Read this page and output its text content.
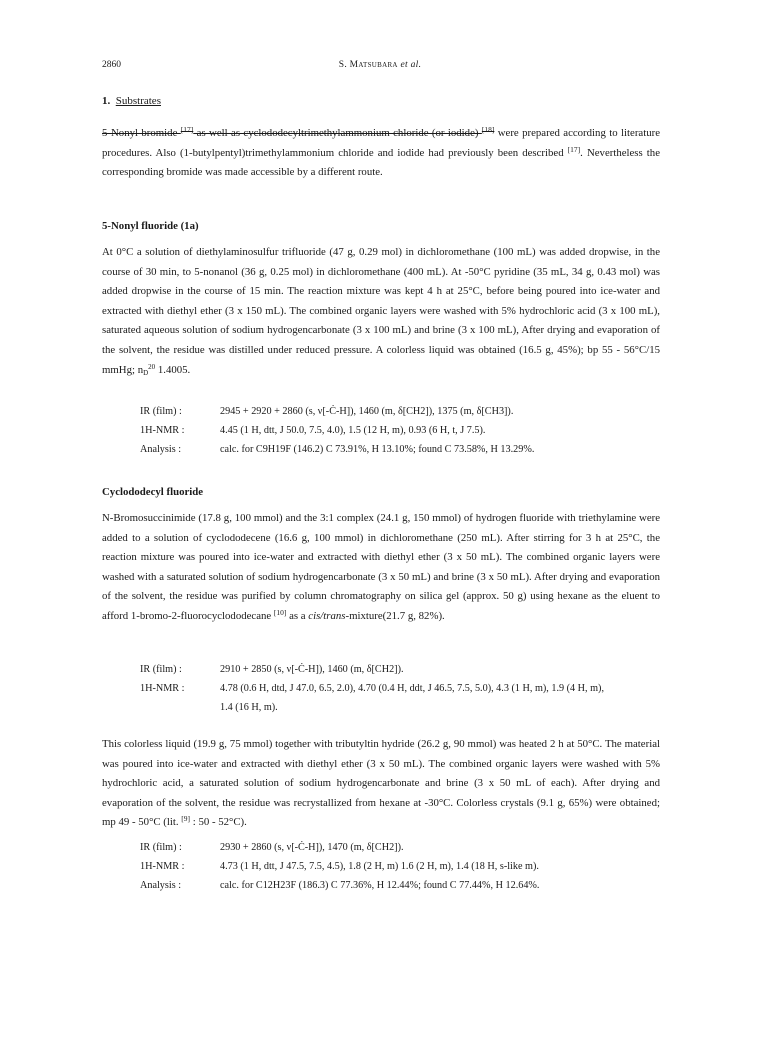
2860	S. Matsubara et al.
1. Substrates
5-Nonyl bromide [17] as well as cyclododecyltrimethylammonium chloride (or iodide) [18] were prepared according to literature procedures. Also (1-butylpentyl)trimethylammonium chloride and iodide had previously been described [17]. Nevertheless the corresponding bromide was made accessible by a different route.
5-Nonyl fluoride (1a)
At 0°C a solution of diethylaminosulfur trifluoride (47 g, 0.29 mol) in dichloromethane (100 mL) was added dropwise, in the course of 30 min, to 5-nonanol (36 g, 0.25 mol) in dichloromethane (400 mL). At -50°C pyridine (35 mL, 34 g, 0.43 mol) was added dropwise in the course of 15 min. The reaction mixture was kept 4 h at 25°C, before being poured into ice-water and extracted with diethyl ether (3 x 150 mL). The combined organic layers were washed with 5% hydrochloric acid (3 x 100 mL), saturated aqueous solution of sodium hydrogencarbonate (3 x 100 mL) and brine (3 x 100 mL), After drying and evaporation of the solvent, the residue was distilled under reduced pressure. A colorless liquid was obtained (16.5 g, 45%); bp 55 - 56°C/15 mmHg; $n_D^{20}$ 1.4005.
IR (film) :	2945 + 2920 + 2860 (s, ν[-Ċ-H]), 1460 (m, δ[CH2]), 1375 (m, δ[CH3]).
1H-NMR :	4.45 (1 H, dtt, J 50.0, 7.5, 4.0), 1.5 (12 H, m), 0.93 (6 H, t, J 7.5).
Analysis :	calc. for C9H19F (146.2) C 73.91%, H 13.10%; found C 73.58%, H 13.29%.
Cyclododecyl fluoride
N-Bromosuccinimide (17.8 g, 100 mmol) and the 3:1 complex (24.1 g, 150 mmol) of hydrogen fluoride with triethylamine were added to a solution of cyclododecene (16.6 g, 100 mmol) in dichloromethane (250 mL). After stirring for 3 h at 25°C, the reaction mixture was poured into ice-water and extracted with diethyl ether (3 x 50 mL). The combined organic layers were washed with a saturated solution of sodium hydrogencarbonate (3 x 50 mL) and brine (3 x 50 mL). After drying and evaporation of the solvent, the residue was purified by column chromatography on silica gel (approx. 50 g) using hexane as the eluent to afford 1-bromo-2-fluorocyclododecane [10] as a cis/trans-mixture(21.7 g, 82%).
IR (film) :	2910 + 2850 (s, ν[-Ċ-H]), 1460 (m, δ[CH2]).
1H-NMR :	4.78 (0.6 H, dtd, J 47.0, 6.5, 2.0), 4.70 (0.4 H, ddt, J 46.5, 7.5, 5.0), 4.3 (1 H, m), 1.9 (4 H, m),
1.4 (16 H, m).
This colorless liquid (19.9 g, 75 mmol) together with tributyltin hydride (26.2 g, 90 mmol) was heated 2 h at 50°C. The material was poured into ice-water and extracted with diethyl ether (3 x 50 mL). The combined organic layers were washed with 5% hydrochloric acid, a saturated solution of sodium hydrogencarbonate and brine (3 x 50 mL of each). After drying and evaporation of the solvent, the residue was recrystallized from hexane at -30°C. Colorless crystals (9.1 g, 65%) were obtained; mp 49 - 50°C (lit. [9] : 50 - 52°C).
IR (film) :	2930 + 2860 (s, ν[-Ċ-H]), 1470 (m, δ[CH2]).
1H-NMR :	4.73 (1 H, dtt, J 47.5, 7.5, 4.5), 1.8 (2 H, m) 1.6 (2 H, m), 1.4 (18 H, s-like m).
Analysis :	calc. for C12H23F (186.3) C 77.36%, H 12.44%; found C 77.44%, H 12.64%.
